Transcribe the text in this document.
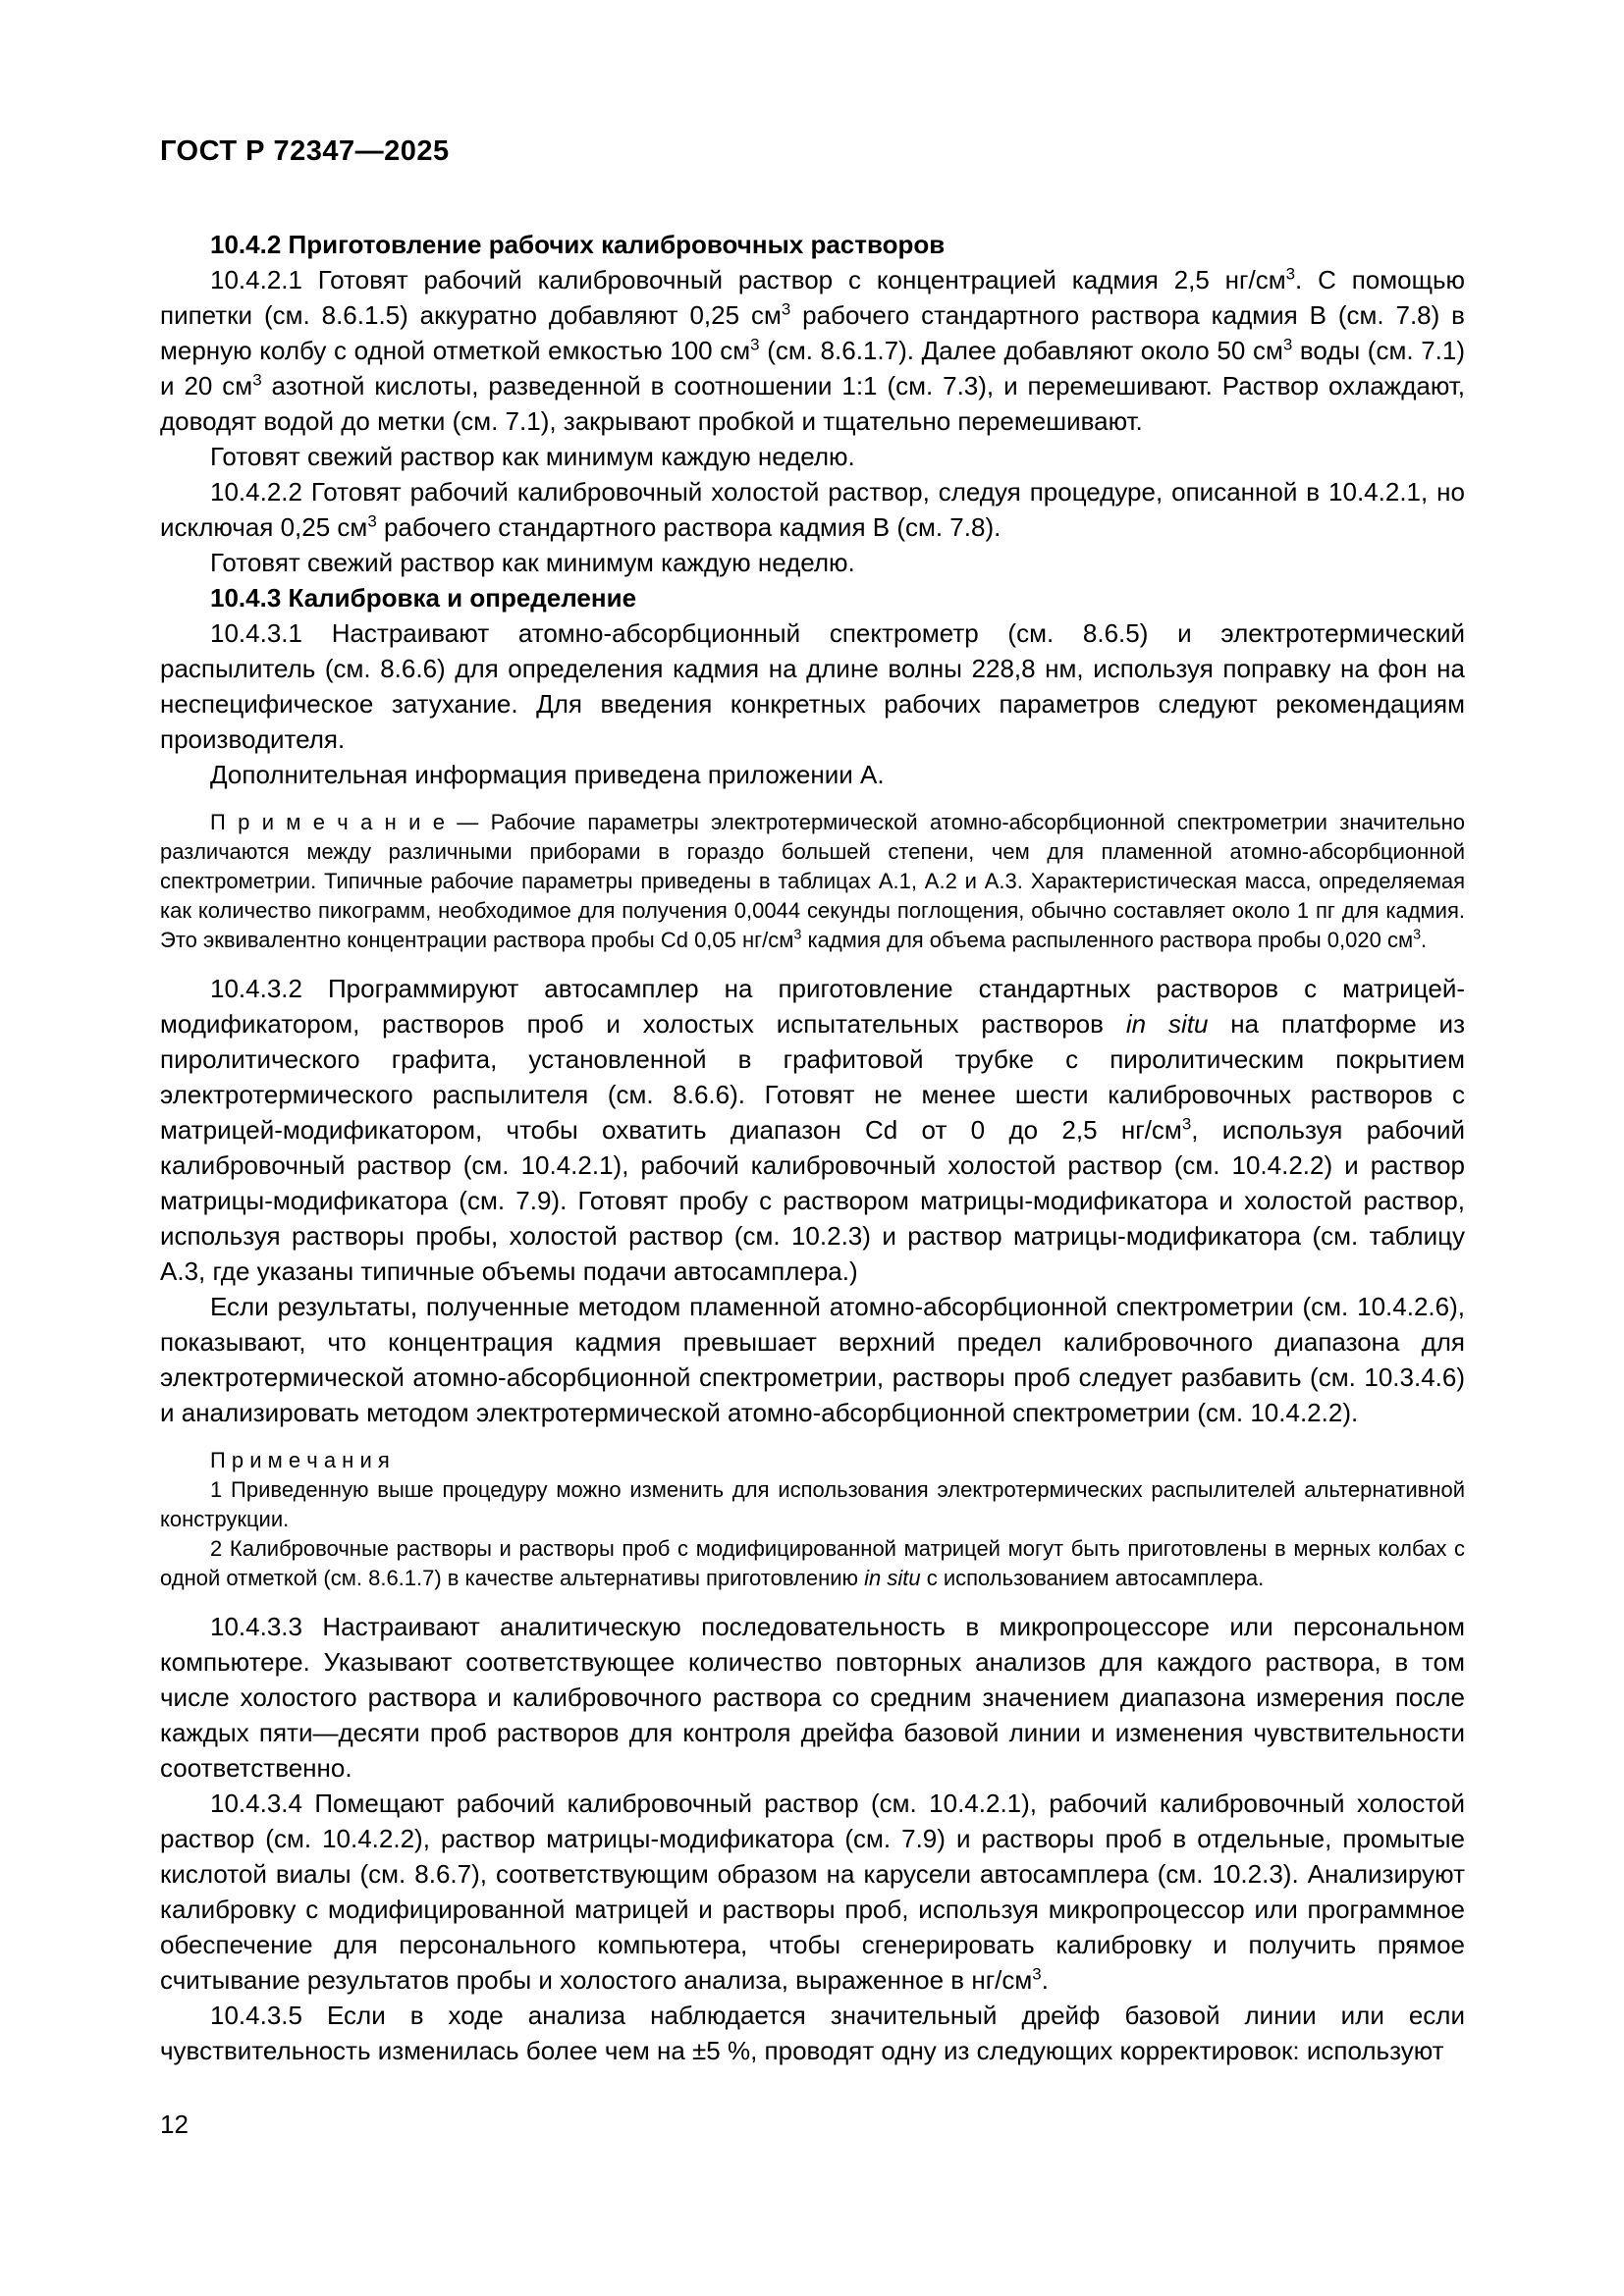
ГОСТ Р 72347—2025

10.4.2 Приготовление рабочих калибровочных растворов

10.4.2.1 Готовят рабочий калибровочный раствор с концентрацией кадмия 2,5 $нг/см^3$. С помощью пипетки (см. 8.6.1.5) аккуратно добавляют 0,25 $см^3$ рабочего стандартного раствора кадмия В (см. 7.8) в мерную колбу с одной отметкой емкостью 100 $см^3$ (см. 8.6.1.7). Далее добавляют около 50 $см^3$ воды (см. 7.1) и 20 $см^3$ азотной кислоты, разведенной в соотношении 1:1 (см. 7.3), и перемешивают. Раствор охлаждают, доводят водой до метки (см. 7.1), закрывают пробкой и тщательно перемешивают.

Готовят свежий раствор как минимум каждую неделю.

10.4.2.2 Готовят рабочий калибровочный холостой раствор, следуя процедуре, описанной в 10.4.2.1, но исключая 0,25 $см^3$ рабочего стандартного раствора кадмия В (см. 7.8).

Готовят свежий раствор как минимум каждую неделю.

10.4.3 Калибровка и определение

10.4.3.1 Настраивают атомно-абсорбционный спектрометр (см. 8.6.5) и электротермический распылитель (см. 8.6.6) для определения кадмия на длине волны 228,8 нм, используя поправку на фон на неспецифическое затухание. Для введения конкретных рабочих параметров следуют рекомендациям производителя.

Дополнительная информация приведена приложении А.

П р и м е ч а н и е — Рабочие параметры электротермической атомно-абсорбционной спектрометрии значительно различаются между различными приборами в гораздо большей степени, чем для пламенной атомно-абсорбционной спектрометрии. Типичные рабочие параметры приведены в таблицах А.1, А.2 и А.3. Характеристическая масса, определяемая как количество пикограмм, необходимое для получения 0,0044 секунды поглощения, обычно составляет около 1 пг для кадмия. Это эквивалентно концентрации раствора пробы Cd 0,05 $нг/см^3$ кадмия для объема распыленного раствора пробы 0,020 $см^3$.

10.4.3.2 Программируют автосамплер на приготовление стандартных растворов с матрицей-модификатором, растворов проб и холостых испытательных растворов in situ на платформе из пиролитического графита, установленной в графитовой трубке с пиролитическим покрытием электротермического распылителя (см. 8.6.6). Готовят не менее шести калибровочных растворов с матрицей-модификатором, чтобы охватить диапазон Cd от 0 до 2,5 $нг/см^3$, используя рабочий калибровочный раствор (см. 10.4.2.1), рабочий калибровочный холостой раствор (см. 10.4.2.2) и раствор матрицы-модификатора (см. 7.9). Готовят пробу с раствором матрицы-модификатора и холостой раствор, используя растворы пробы, холостой раствор (см. 10.2.3) и раствор матрицы-модификатора (см. таблицу А.3, где указаны типичные объемы подачи автосамплера.)

Если результаты, полученные методом пламенной атомно-абсорбционной спектрометрии (см. 10.4.2.6), показывают, что концентрация кадмия превышает верхний предел калибровочного диапазона для электротермической атомно-абсорбционной спектрометрии, растворы проб следует разбавить (см. 10.3.4.6) и анализировать методом электротермической атомно-абсорбционной спектрометрии (см. 10.4.2.2).

П р и м е ч а н и я

1 Приведенную выше процедуру можно изменить для использования электротермических распылителей альтернативной конструкции.

2 Калибровочные растворы и растворы проб с модифицированной матрицей могут быть приготовлены в мерных колбах с одной отметкой (см. 8.6.1.7) в качестве альтернативы приготовлению in situ с использованием автосамплера.

10.4.3.3 Настраивают аналитическую последовательность в микропроцессоре или персональном компьютере. Указывают соответствующее количество повторных анализов для каждого раствора, в том числе холостого раствора и калибровочного раствора со средним значением диапазона измерения после каждых пяти—десяти проб растворов для контроля дрейфа базовой линии и изменения чувствительности соответственно.

10.4.3.4 Помещают рабочий калибровочный раствор (см. 10.4.2.1), рабочий калибровочный холостой раствор (см. 10.4.2.2), раствор матрицы-модификатора (см. 7.9) и растворы проб в отдельные, промытые кислотой виалы (см. 8.6.7), соответствующим образом на карусели автосамплера (см. 10.2.3). Анализируют калибровку с модифицированной матрицей и растворы проб, используя микропроцессор или программное обеспечение для персонального компьютера, чтобы сгенерировать калибровку и получить прямое считывание результатов пробы и холостого анализа, выраженное в $нг/см^3$.

10.4.3.5 Если в ходе анализа наблюдается значительный дрейф базовой линии или если чувствительность изменилась более чем на ±5 %, проводят одну из следующих корректировок: используют

12
